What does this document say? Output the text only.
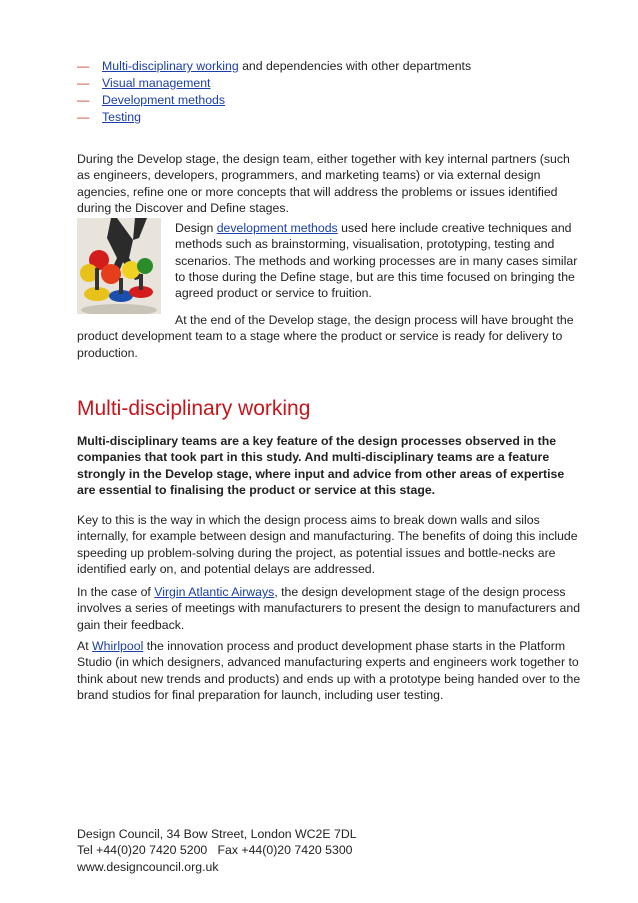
— Multi-disciplinary working and dependencies with other departments
— Visual management
— Development methods
— Testing

During the Develop stage, the design team, either together with key internal partners (such as engineers, developers, programmers, and marketing teams) or via external design agencies, refine one or more concepts that will address the problems or issues identified during the Discover and Define stages.

Design development methods used here include creative techniques and methods such as brainstorming, visualisation, prototyping, testing and scenarios. The methods and working processes are in many cases similar to those during the Define stage, but are this time focused on bringing the agreed product or service to fruition.

At the end of the Develop stage, the design process will have brought the product development team to a stage where the product or service is ready for delivery to production.

Multi-disciplinary working

Multi-disciplinary teams are a key feature of the design processes observed in the companies that took part in this study. And multi-disciplinary teams are a feature strongly in the Develop stage, where input and advice from other areas of expertise are essential to finalising the product or service at this stage.

Key to this is the way in which the design process aims to break down walls and silos internally, for example between design and manufacturing. The benefits of doing this include speeding up problem-solving during the project, as potential issues and bottle-necks are identified early on, and potential delays are addressed.

In the case of Virgin Atlantic Airways, the design development stage of the design process involves a series of meetings with manufacturers to present the design to manufacturers and gain their feedback.

At Whirlpool the innovation process and product development phase starts in the Platform Studio (in which designers, advanced manufacturing experts and engineers work together to think about new trends and products) and ends up with a prototype being handed over to the brand studios for final preparation for launch, including user testing.

Design Council, 34 Bow Street, London WC2E 7DL
Tel +44(0)20 7420 5200   Fax +44(0)20 7420 5300
www.designcouncil.org.uk
